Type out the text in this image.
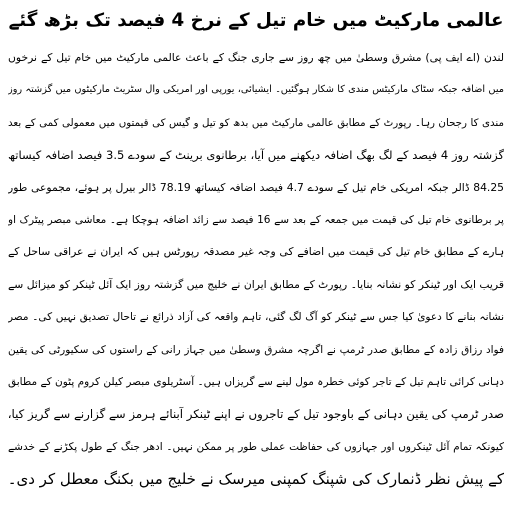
عالمی مارکیٹ میں خام تیل کے نرخ 4 فیصد تک بڑھ گئے
لندن (اے ایف پی) مشرق وسطیٰ میں چھ روز سے جاری جنگ کے باعث عالمی مارکیٹ میں خام تیل کے نرخوں
میں اضافہ جبکہ سٹاک مارکیٹس مندی کا شکار ہوگئیں۔ ایشیائی، یورپی اور امریکی وال سٹریٹ مارکیٹوں میں گزشتہ روز
مندی کا رجحان رہا۔ رپورٹ کے مطابق عالمی مارکیٹ میں بدھ کو تیل و گیس کی قیمتوں میں معمولی کمی کے بعد
گزشتہ روز 4 فیصد کے لگ بھگ اضافہ دیکھنے میں آیا، برطانوی برینٹ کے سودے 3.5 فیصد اضافہ کیساتھ
84.25 ڈالر جبکہ امریکی خام تیل کے سودے 4.7 فیصد اضافہ کیساتھ 78.19 ڈالر بیرل پر ہوئے، مجموعی طور
پر برطانوی خام تیل کی قیمت میں جمعہ کے بعد سے 16 فیصد سے زائد اضافہ ہوچکا ہے۔ معاشی مبصر پیٹرک او
ہارے کے مطابق خام تیل کی قیمت میں اضافے کی وجہ غیر مصدقہ رپورٹس ہیں کہ ایران نے عراقی ساحل کے
قریب ایک اور ٹینکر کو نشانہ بنایا۔ رپورٹ کے مطابق ایران نے خلیج میں گزشتہ روز ایک آئل ٹینکر کو میزائل سے
نشانہ بنانے کا دعویٰ کیا جس سے ٹینکر کو آگ لگ گئی، تاہم واقعہ کی آزاد ذرائع نے تاحال تصدیق نہیں کی۔ مصر
فواد رزاق زادہ کے مطابق صدر ٹرمپ نے اگرچہ مشرق وسطیٰ میں جہاز رانی کے راستوں کی سکیورٹی کی یقین
دہانی کرائی تاہم تیل کے تاجر کوئی خطرہ مول لینے سے گریزاں ہیں۔ آسٹریلوی مبصر کیلن کروم پٹون کے مطابق
صدر ٹرمپ کی یقین دہانی کے باوجود تیل کے تاجروں نے اپنے ٹینکر آبنائے ہرمز سے گزارنے سے گریز کیا،
کیونکہ تمام آئل ٹینکروں اور جہازوں کی حفاظت عملی طور پر ممکن نہیں۔ ادھر جنگ کے طول پکڑنے کے خدشے
کے پیش نظر ڈنمارک کی شپنگ کمپنی میرسک نے خلیج میں بکنگ معطل کر دی۔
